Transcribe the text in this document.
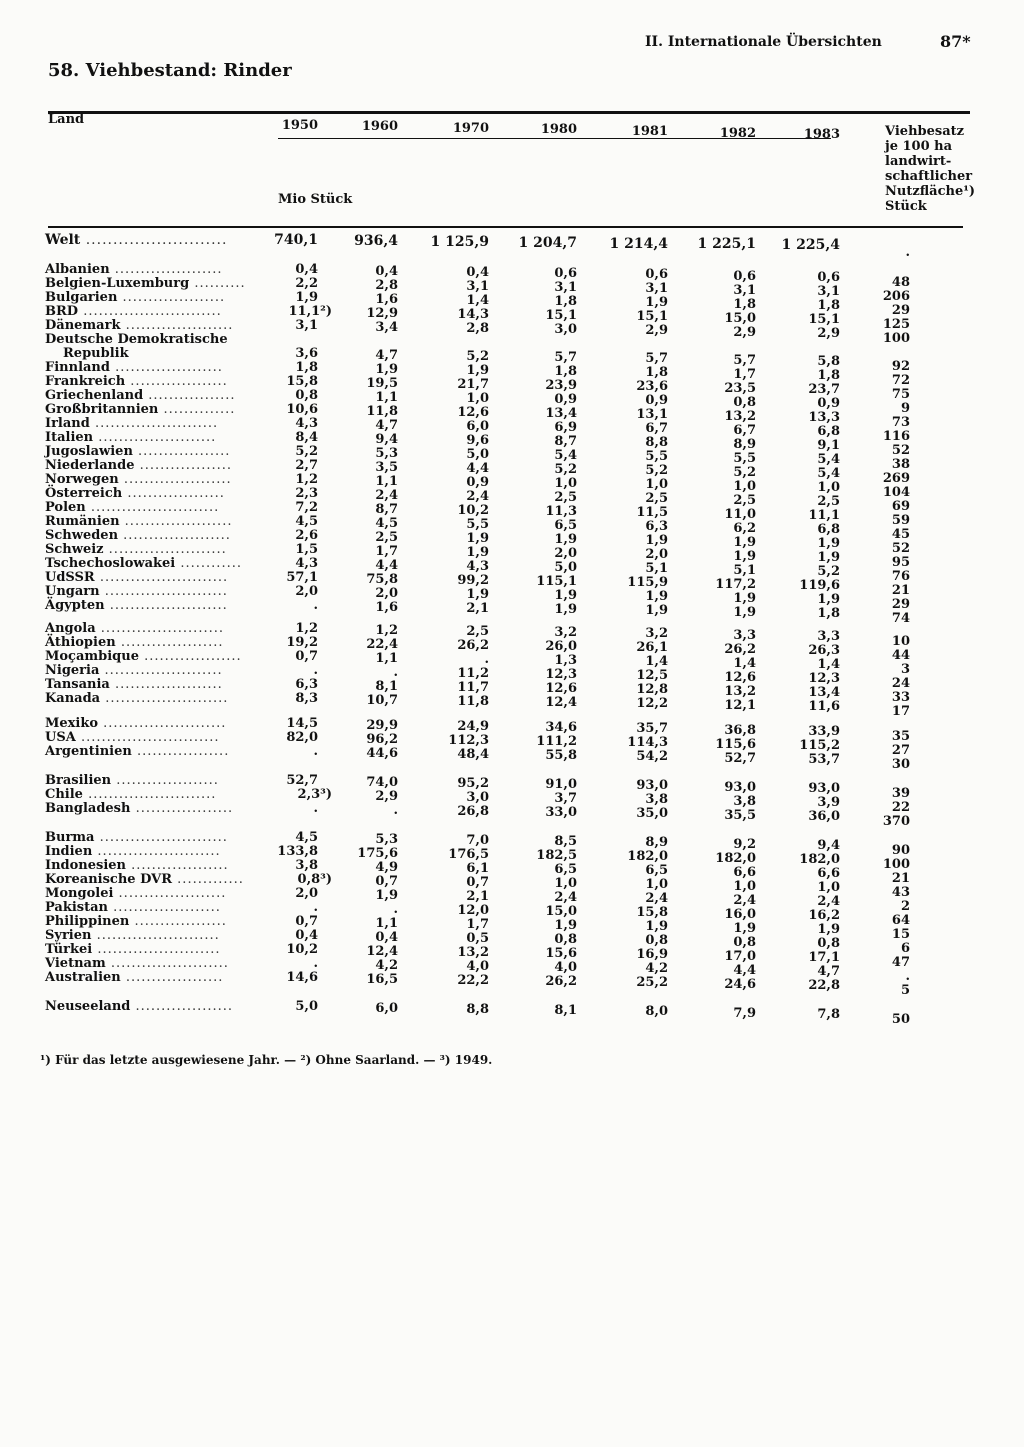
II. Internationale Übersichten	87*
58. Viehbestand: Rinder
Land	1950	1960	1970	1980	1981	1982	1983
Mio Stück
Viehbesatz
je 100 ha
landwirt-
schaftlicher
Nutzfläche¹)
Stück
Welt ..........................	740,1	936,4	1 125,9	1 204,7	1 214,4	1 225,1	1 225,4	.
Albanien .....................	0,4	0,4	0,4	0,6	0,6	0,6	0,6	48
Belgien-Luxemburg ..........	2,2	2,8	3,1	3,1	3,1	3,1	3,1	206
Bulgarien ....................	1,9	1,6	1,4	1,8	1,9	1,8	1,8	29
BRD ...........................	11,1²)	12,9	14,3	15,1	15,1	15,0	15,1	125
Dänemark .....................	3,1	3,4	2,8	3,0	2,9	2,9	2,9	100
Deutsche Demokratische
Republik	3,6	4,7	5,2	5,7	5,7	5,7	5,8	92
Finnland .....................	1,8	1,9	1,9	1,8	1,8	1,7	1,8	72
Frankreich ...................	15,8	19,5	21,7	23,9	23,6	23,5	23,7	75
Griechenland .................	0,8	1,1	1,0	0,9	0,9	0,8	0,9	9
Großbritannien ..............	10,6	11,8	12,6	13,4	13,1	13,2	13,3	73
Irland ........................	4,3	4,7	6,0	6,9	6,7	6,7	6,8	116
Italien .......................	8,4	9,4	9,6	8,7	8,8	8,9	9,1	52
Jugoslawien ..................	5,2	5,3	5,0	5,4	5,5	5,5	5,4	38
Niederlande ..................	2,7	3,5	4,4	5,2	5,2	5,2	5,4	269
Norwegen .....................	1,2	1,1	0,9	1,0	1,0	1,0	1,0	104
Österreich ...................	2,3	2,4	2,4	2,5	2,5	2,5	2,5	69
Polen .........................	7,2	8,7	10,2	11,3	11,5	11,0	11,1	59
Rumänien .....................	4,5	4,5	5,5	6,5	6,3	6,2	6,8	45
Schweden .....................	2,6	2,5	1,9	1,9	1,9	1,9	1,9	52
Schweiz .......................	1,5	1,7	1,9	2,0	2,0	1,9	1,9	95
Tschechoslowakei ............	4,3	4,4	4,3	5,0	5,1	5,1	5,2	76
UdSSR .........................	57,1	75,8	99,2	115,1	115,9	117,2	119,6	21
Ungarn ........................	2,0	2,0	1,9	1,9	1,9	1,9	1,9	29
Ägypten .......................	.	1,6	2,1	1,9	1,9	1,9	1,8	74
Angola ........................	1,2	1,2	2,5	3,2	3,2	3,3	3,3	10
Äthiopien ....................	19,2	22,4	26,2	26,0	26,1	26,2	26,3	44
Moçambique ...................	0,7	1,1	.	1,3	1,4	1,4	1,4	3
Nigeria .......................	.	.	11,2	12,3	12,5	12,6	12,3	24
Tansania .....................	6,3	8,1	11,7	12,6	12,8	13,2	13,4	33
Kanada ........................	8,3	10,7	11,8	12,4	12,2	12,1	11,6	17
Mexiko ........................	14,5	29,9	24,9	34,6	35,7	36,8	33,9	35
USA ...........................	82,0	96,2	112,3	111,2	114,3	115,6	115,2	27
Argentinien ..................	.	44,6	48,4	55,8	54,2	52,7	53,7	30
Brasilien ....................	52,7	74,0	95,2	91,0	93,0	93,0	93,0	39
Chile .........................	2,3³)	2,9	3,0	3,7	3,8	3,8	3,9	22
Bangladesh ...................	.	.	26,8	33,0	35,0	35,5	36,0	370
Burma .........................	4,5	5,3	7,0	8,5	8,9	9,2	9,4	90
Indien ........................	133,8	175,6	176,5	182,5	182,0	182,0	182,0	100
Indonesien ...................	3,8	4,9	6,1	6,5	6,5	6,6	6,6	21
Koreanische DVR .............	0,8³)	0,7	0,7	1,0	1,0	1,0	1,0	43
Mongolei .....................	2,0	1,9	2,1	2,4	2,4	2,4	2,4	2
Pakistan .....................	.	.	12,0	15,0	15,8	16,0	16,2	64
Philippinen ..................	0,7	1,1	1,7	1,9	1,9	1,9	1,9	15
Syrien ........................	0,4	0,4	0,5	0,8	0,8	0,8	0,8	6
Türkei ........................	10,2	12,4	13,2	15,6	16,9	17,0	17,1	47
Vietnam .......................	.	4,2	4,0	4,0	4,2	4,4	4,7	.
Australien ...................	14,6	16,5	22,2	26,2	25,2	24,6	22,8	5
Neuseeland ...................	5,0	6,0	8,8	8,1	8,0	7,9	7,8	50
¹) Für das letzte ausgewiesene Jahr. — ²) Ohne Saarland. — ³) 1949.
